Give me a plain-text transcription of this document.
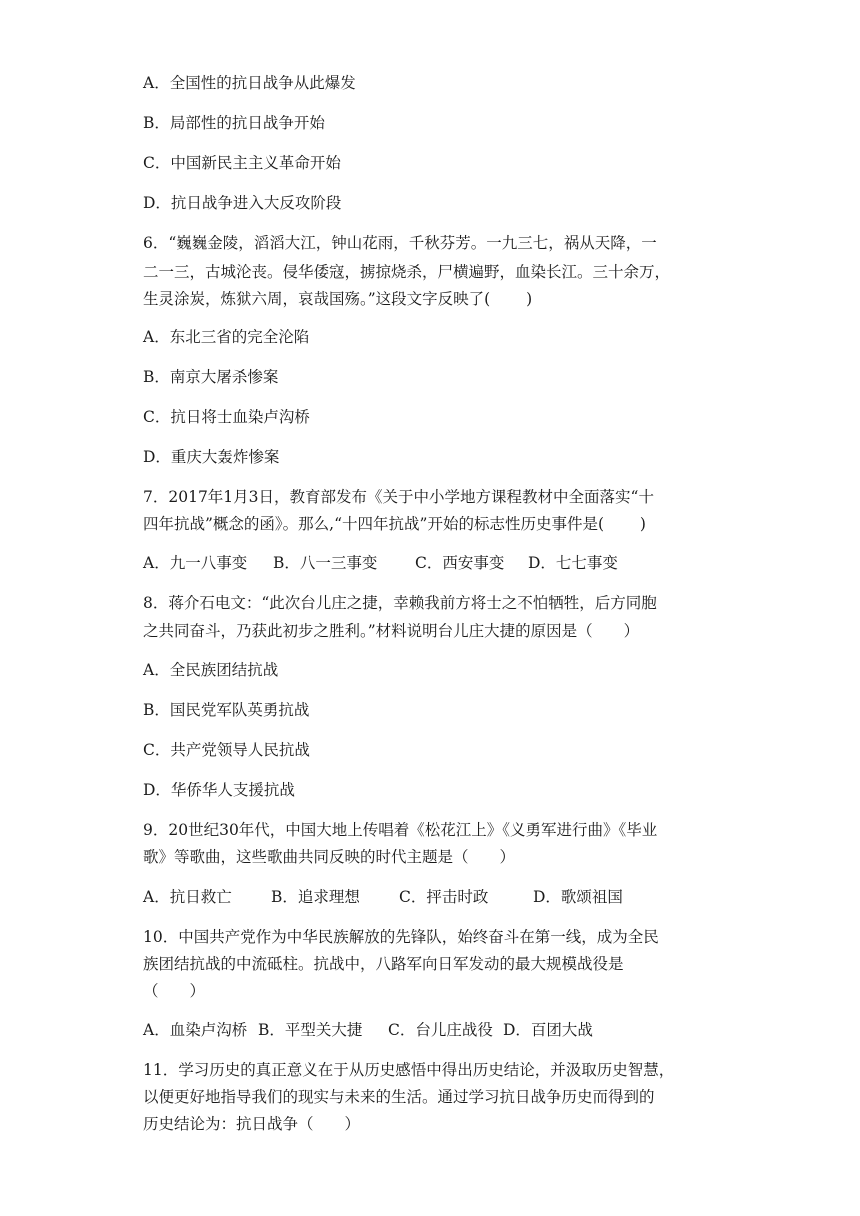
A．全国性的抗日战争从此爆发
B．局部性的抗日战争开始
C．中国新民主主义革命开始
D．抗日战争进入大反攻阶段
6．“巍巍金陵，滔滔大江，钟山花雨，千秋芬芳。一九三七，祸从天降，一
二一三，古城沦丧。侵华倭寇，掳掠烧杀，尸横遍野，血染长江。三十余万，
生灵涂炭，炼狱六周，哀哉国殇。”这段文字反映了(　　 )
A．东北三省的完全沦陷
B．南京大屠杀惨案
C．抗日将士血染卢沟桥
D．重庆大轰炸惨案
7．2017年1月3日，教育部发布《关于中小学地方课程教材中全面落实“十
四年抗战”概念的函》。那么,“十四年抗战”开始的标志性历史事件是(　　 )
A．九一八事变	B．八一三事变	C．西安事变	D．七七事变
8．蒋介石电文：“此次台儿庄之捷，幸赖我前方将士之不怕牺牲，后方同胞
之共同奋斗，乃获此初步之胜利。”材料说明台儿庄大捷的原因是（　　）
A．全民族团结抗战
B．国民党军队英勇抗战
C．共产党领导人民抗战
D．华侨华人支援抗战
9．20世纪30年代，中国大地上传唱着《松花江上》《义勇军进行曲》《毕业
歌》等歌曲，这些歌曲共同反映的时代主题是（　　）
A．抗日救亡	B．追求理想	C．抨击时政	D．歌颂祖国
10．中国共产党作为中华民族解放的先锋队，始终奋斗在第一线，成为全民
族团结抗战的中流砥柱。抗战中，八路军向日军发动的最大规模战役是
（　　）
A．血染卢沟桥 B．平型关大捷	C．台儿庄战役 D．百团大战
11．学习历史的真正意义在于从历史感悟中得出历史结论，并汲取历史智慧，
以便更好地指导我们的现实与未来的生活。通过学习抗日战争历史而得到的
历史结论为：抗日战争（　　）
